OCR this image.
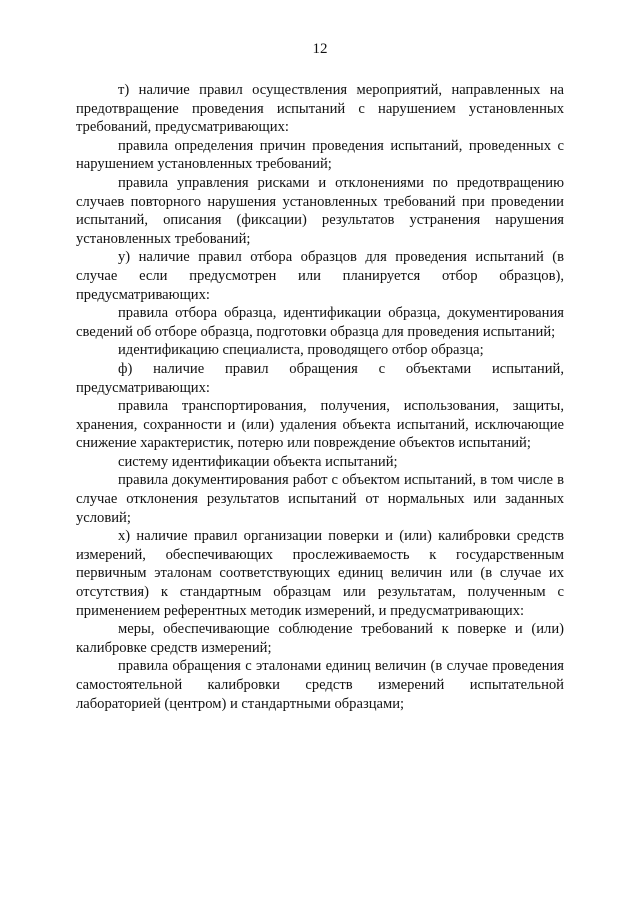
12

т) наличие правил осуществления мероприятий, направленных на предотвращение проведения испытаний с нарушением установленных требований, предусматривающих:

правила определения причин проведения испытаний, проведенных с нарушением установленных требований;

правила управления рисками и отклонениями по предотвращению случаев повторного нарушения установленных требований при проведении испытаний, описания (фиксации) результатов устранения нарушения установленных требований;

у) наличие правил отбора образцов для проведения испытаний (в случае если предусмотрен или планируется отбор образцов), предусматривающих:

правила отбора образца, идентификации образца, документирования сведений об отборе образца, подготовки образца для проведения испытаний;

идентификацию специалиста, проводящего отбор образца;

ф) наличие правил обращения с объектами испытаний, предусматривающих:

правила транспортирования, получения, использования, защиты, хранения, сохранности и (или) удаления объекта испытаний, исключающие снижение характеристик, потерю или повреждение объектов испытаний;

систему идентификации объекта испытаний;

правила документирования работ с объектом испытаний, в том числе в случае отклонения результатов испытаний от нормальных или заданных условий;

х) наличие правил организации поверки и (или) калибровки средств измерений, обеспечивающих прослеживаемость к государственным первичным эталонам соответствующих единиц величин или (в случае их отсутствия) к стандартным образцам или результатам, полученным с применением референтных методик измерений, и предусматривающих:

меры, обеспечивающие соблюдение требований к поверке и (или) калибровке средств измерений;

правила обращения с эталонами единиц величин (в случае проведения самостоятельной калибровки средств измерений испытательной лабораторией (центром) и стандартными образцами;
